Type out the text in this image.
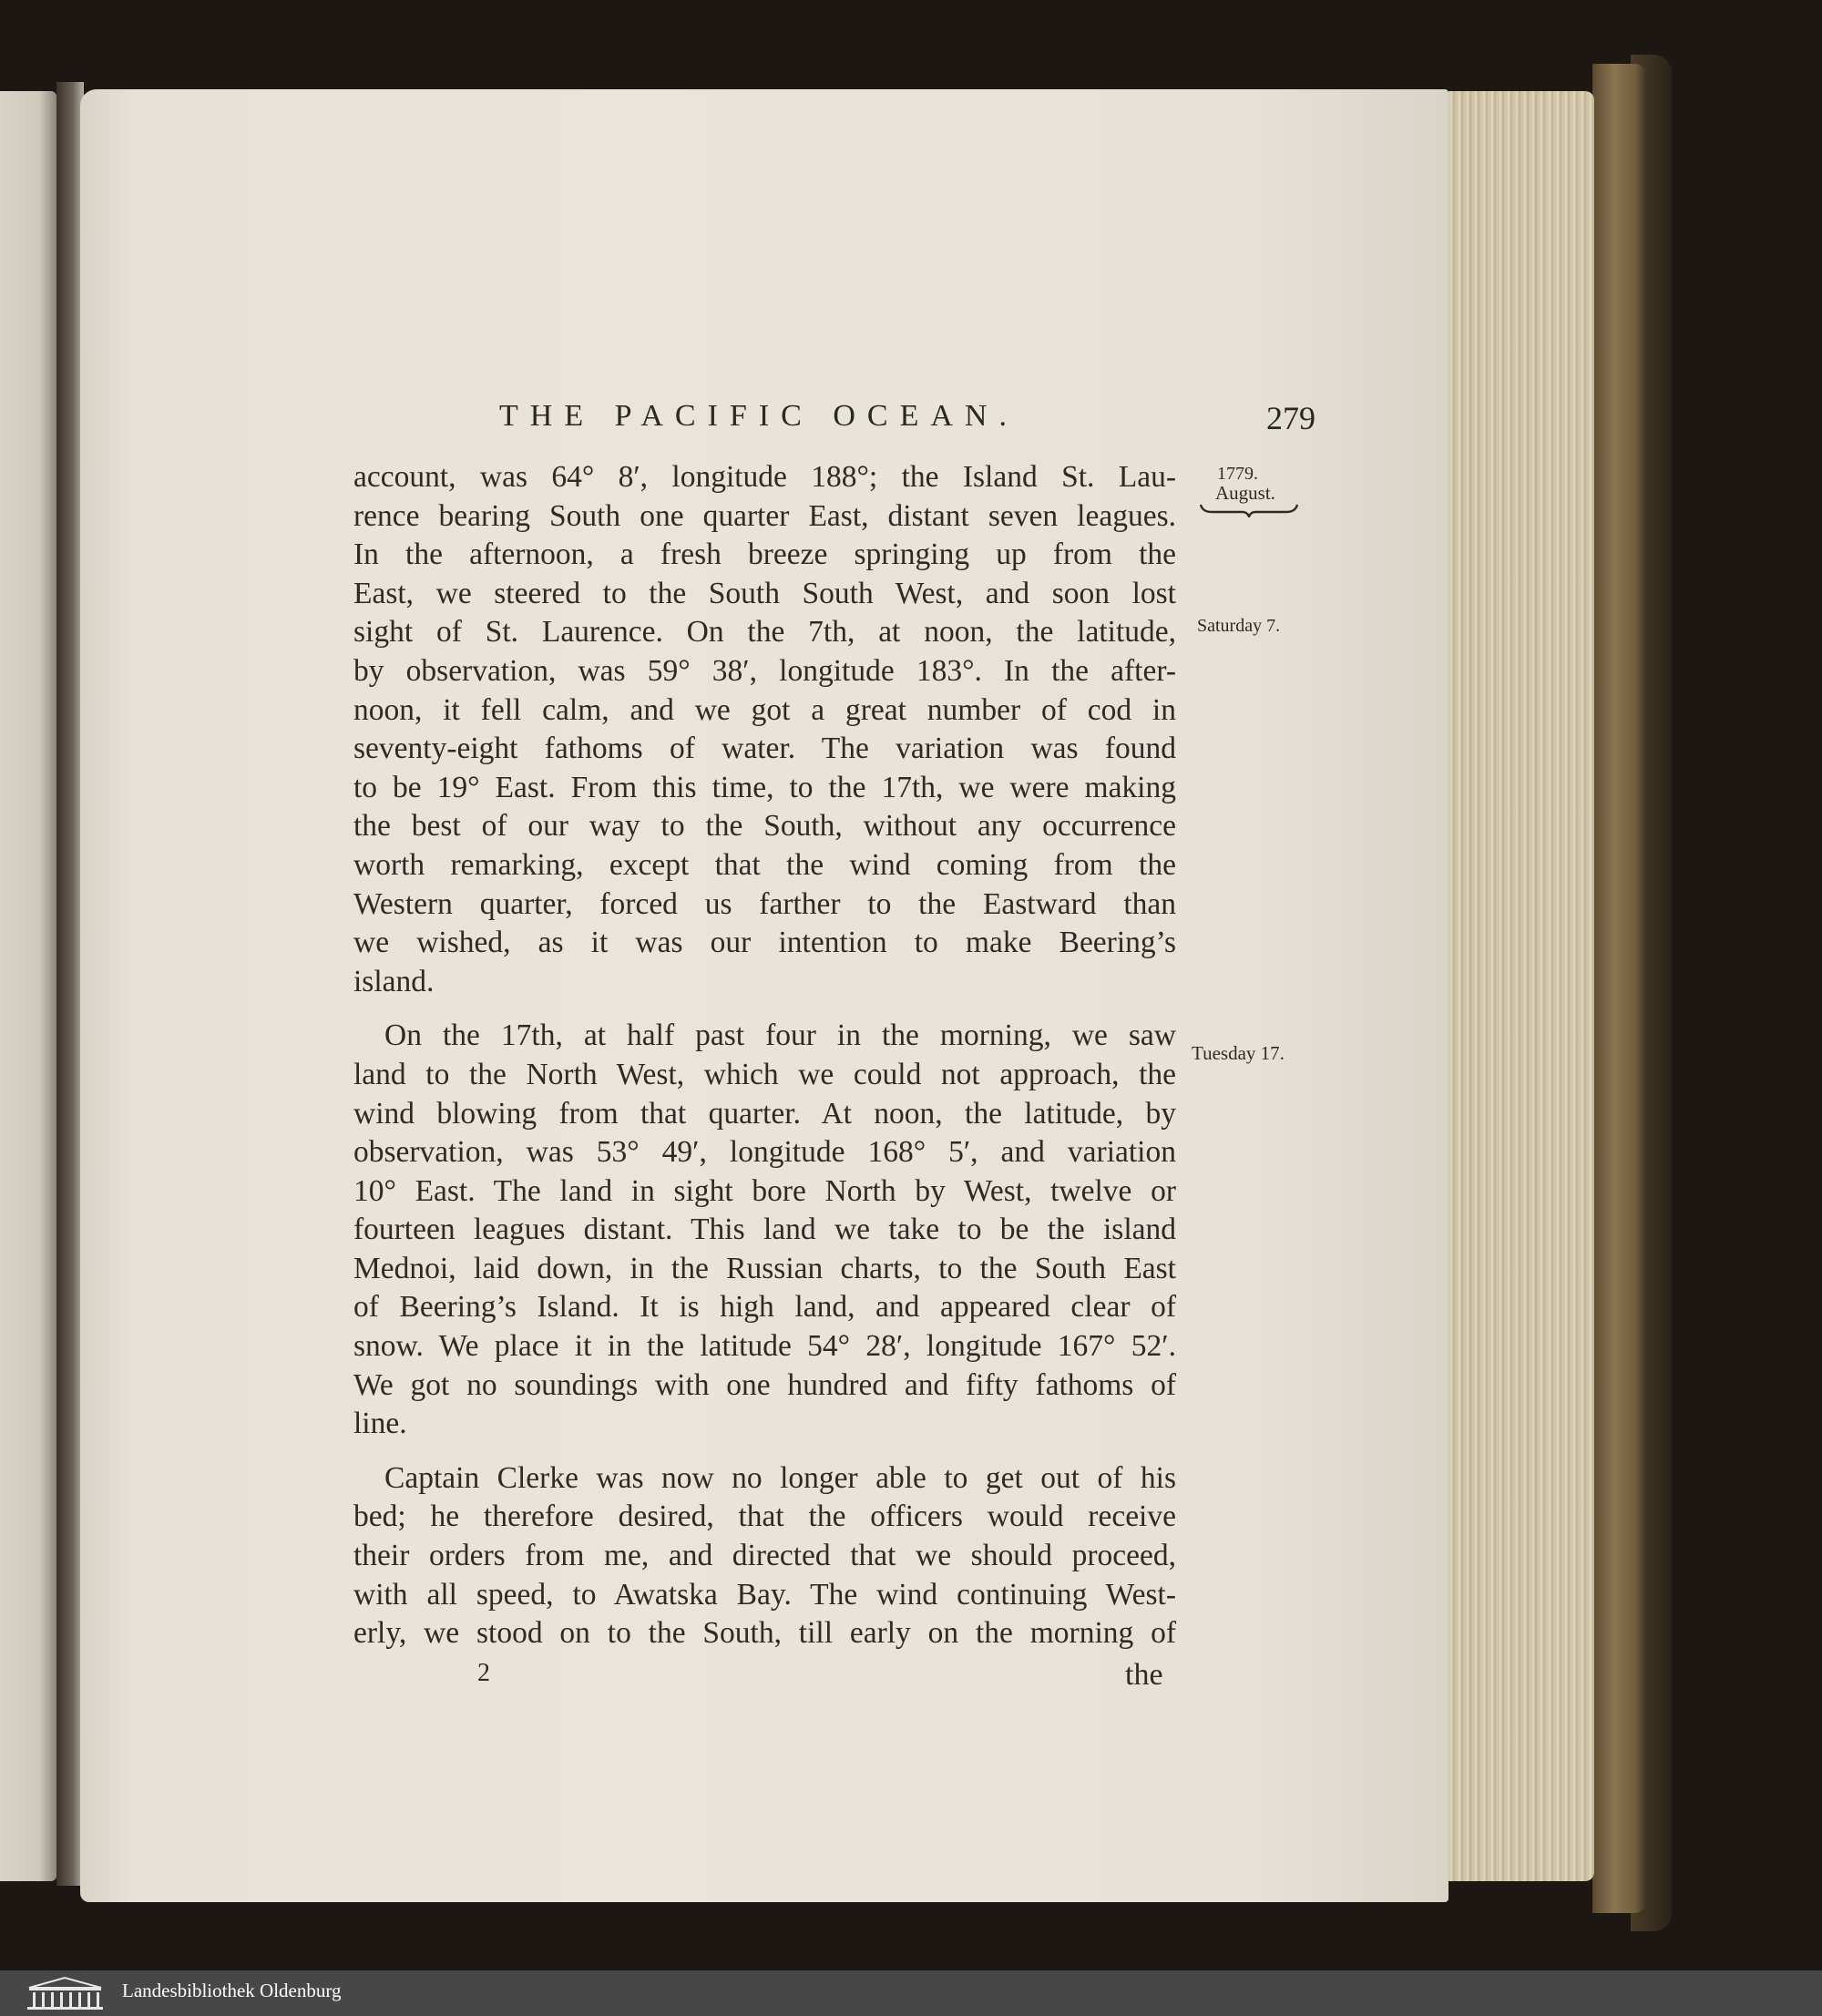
THE PACIFIC OCEAN.	279
1779.
August.
Saturday 7.
Tuesday 17.
account, was 64° 8′, longitude 188°; the Island St. Lau-
rence bearing South one quarter East, distant seven leagues.
In the afternoon, a fresh breeze springing up from the
East, we steered to the South South West, and soon lost
sight of St. Laurence. On the 7th, at noon, the latitude,
by observation, was 59° 38′, longitude 183°. In the after-
noon, it fell calm, and we got a great number of cod in
seventy-eight fathoms of water. The variation was found
to be 19° East. From this time, to the 17th, we were making
the best of our way to the South, without any occurrence
worth remarking, except that the wind coming from the
Western quarter, forced us farther to the Eastward than
we wished, as it was our intention to make Beering’s
island.
On the 17th, at half past four in the morning, we saw
land to the North West, which we could not approach, the
wind blowing from that quarter. At noon, the latitude, by
observation, was 53° 49′, longitude 168° 5′, and variation
10° East. The land in sight bore North by West, twelve or
fourteen leagues distant. This land we take to be the island
Mednoi, laid down, in the Russian charts, to the South East
of Beering’s Island. It is high land, and appeared clear of
snow. We place it in the latitude 54° 28′, longitude 167° 52′.
We got no soundings with one hundred and fifty fathoms of
line.
Captain Clerke was now no longer able to get out of his
bed; he therefore desired, that the officers would receive
their orders from me, and directed that we should proceed,
with all speed, to Awatska Bay. The wind continuing West-
erly, we stood on to the South, till early on the morning of
2	the
Landesbibliothek Oldenburg
